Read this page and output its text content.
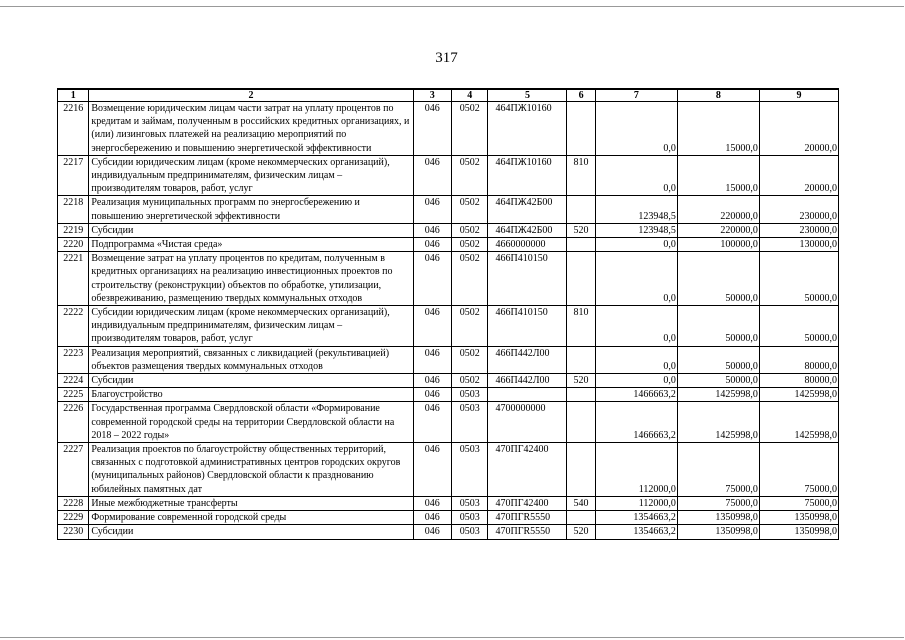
317
1	2	3	4	5	6	7	8	9
2216	Возмещение юридическим лицам части затрат на уплату процентов по кредитам и займам, полученным в российских кредитных организациях, и (или) лизинговых платежей на реализацию мероприятий по энергосбережению и повышению энергетической эффективности	046	0502	464ПЖ10160		0,0	15000,0	20000,0
2217	Субсидии юридическим лицам (кроме некоммерческих организаций), индивидуальным предпринимателям, физическим лицам – производителям товаров, работ, услуг	046	0502	464ПЖ10160	810	0,0	15000,0	20000,0
2218	Реализация муниципальных программ по энергосбережению и повышению энергетической эффективности	046	0502	464ПЖ42Б00		123948,5	220000,0	230000,0
2219	Субсидии	046	0502	464ПЖ42Б00	520	123948,5	220000,0	230000,0
2220	Подпрограмма «Чистая среда»	046	0502	4660000000		0,0	100000,0	130000,0
2221	Возмещение затрат на уплату процентов по кредитам, полученным в кредитных организациях на реализацию инвестиционных проектов по строительству (реконструкции) объектов по обработке, утилизации, обезвреживанию, размещению твердых коммунальных отходов	046	0502	466П410150		0,0	50000,0	50000,0
2222	Субсидии юридическим лицам (кроме некоммерческих организаций), индивидуальным предпринимателям, физическим лицам – производителям товаров, работ, услуг	046	0502	466П410150	810	0,0	50000,0	50000,0
2223	Реализация мероприятий, связанных с ликвидацией (рекультивацией) объектов размещения твердых коммунальных отходов	046	0502	466П442Л00		0,0	50000,0	80000,0
2224	Субсидии	046	0502	466П442Л00	520	0,0	50000,0	80000,0
2225	Благоустройство	046	0503			1466663,2	1425998,0	1425998,0
2226	Государственная программа Свердловской области «Формирование современной городской среды на территории Свердловской области на 2018 – 2022 годы»	046	0503	4700000000		1466663,2	1425998,0	1425998,0
2227	Реализация проектов по благоустройству общественных территорий, связанных с подготовкой административных центров городских округов (муниципальных районов) Свердловской области к празднованию юбилейных памятных дат	046	0503	470ПГ42400		112000,0	75000,0	75000,0
2228	Иные межбюджетные трансферты	046	0503	470ПГ42400	540	112000,0	75000,0	75000,0
2229	Формирование современной городской среды	046	0503	470ПГR5550		1354663,2	1350998,0	1350998,0
2230	Субсидии	046	0503	470ПГR5550	520	1354663,2	1350998,0	1350998,0
